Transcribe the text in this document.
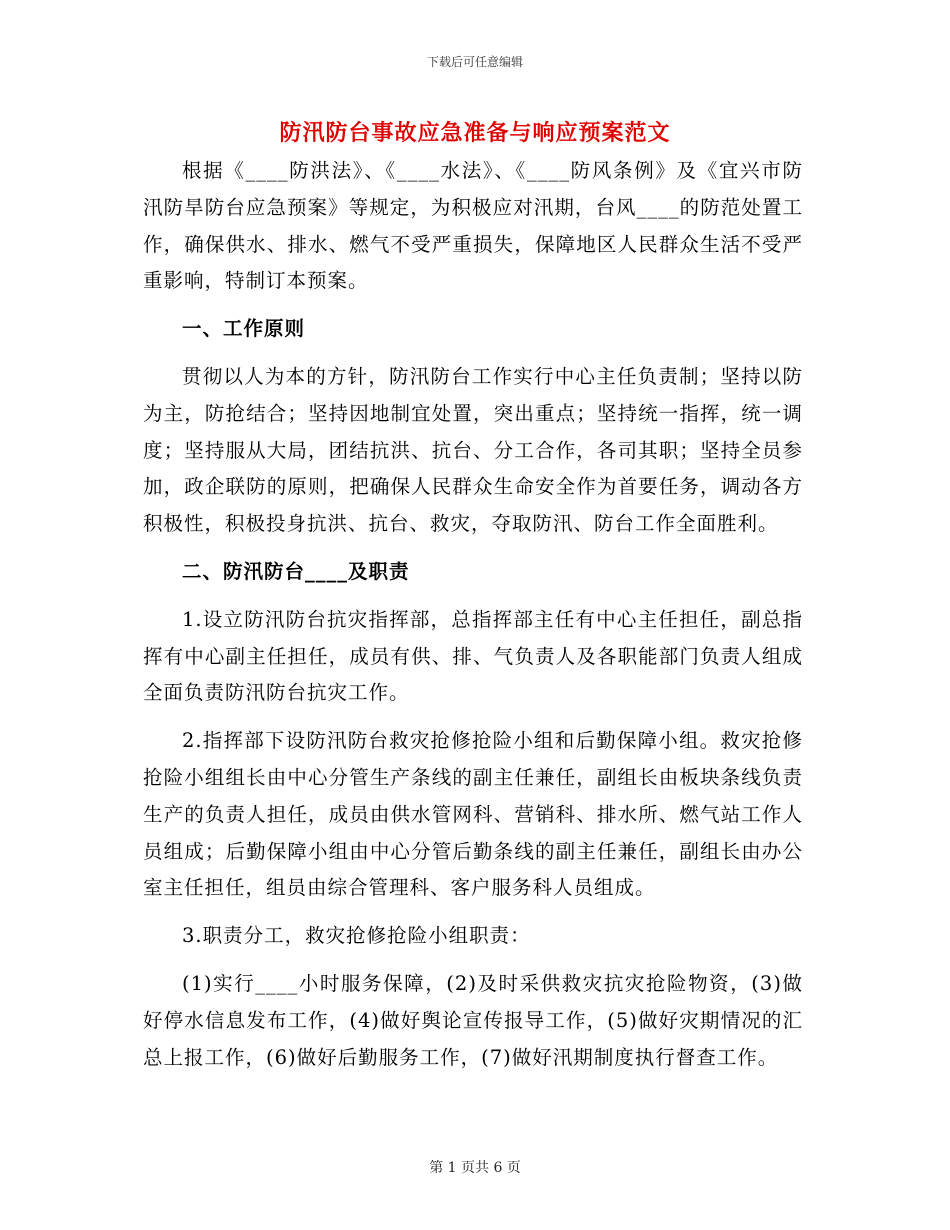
下载后可任意编辑
防汛防台事故应急准备与响应预案范文

根据《____防洪法》、《____水法》、《____防风条例》及《宜兴市防汛防旱防台应急预案》等规定，为积极应对汛期，台风____的防范处置工作，确保供水、排水、燃气不受严重损失，保障地区人民群众生活不受严重影响，特制订本预案。

一、工作原则

贯彻以人为本的方针，防汛防台工作实行中心主任负责制；坚持以防为主，防抢结合；坚持因地制宜处置，突出重点；坚持统一指挥，统一调度；坚持服从大局，团结抗洪、抗台、分工合作，各司其职；坚持全员参加，政企联防的原则，把确保人民群众生命安全作为首要任务，调动各方积极性，积极投身抗洪、抗台、救灾，夺取防汛、防台工作全面胜利。

二、防汛防台____及职责

1.设立防汛防台抗灾指挥部，总指挥部主任有中心主任担任，副总指挥有中心副主任担任，成员有供、排、气负责人及各职能部门负责人组成全面负责防汛防台抗灾工作。

2.指挥部下设防汛防台救灾抢修抢险小组和后勤保障小组。救灾抢修抢险小组组长由中心分管生产条线的副主任兼任，副组长由板块条线负责生产的负责人担任，成员由供水管网科、营销科、排水所、燃气站工作人员组成；后勤保障小组由中心分管后勤条线的副主任兼任，副组长由办公室主任担任，组员由综合管理科、客户服务科人员组成。

3.职责分工，救灾抢修抢险小组职责：

(1)实行____小时服务保障，(2)及时采供救灾抗灾抢险物资，(3)做好停水信息发布工作，(4)做好舆论宣传报导工作，(5)做好灾期情况的汇总上报工作，(6)做好后勤服务工作，(7)做好汛期制度执行督查工作。

第 1 页共 6 页
